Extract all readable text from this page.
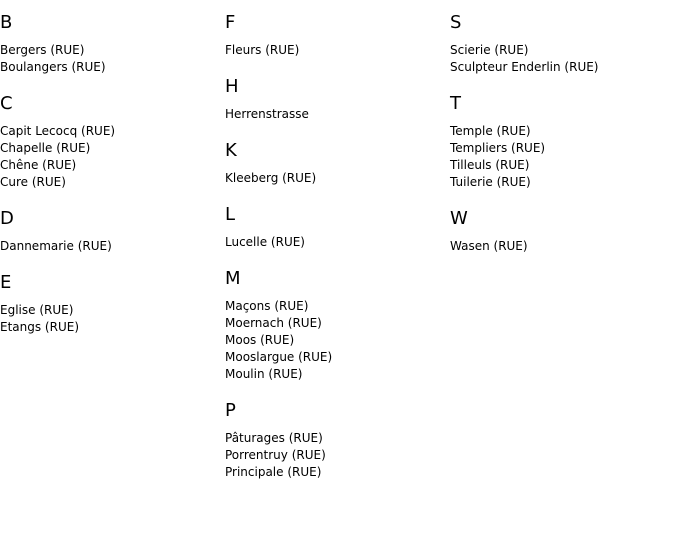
B
Bergers (RUE)
Boulangers (RUE)
C
Capit Lecocq (RUE)
Chapelle (RUE)
Chêne (RUE)
Cure (RUE)
D
Dannemarie (RUE)
E
Eglise (RUE)
Etangs (RUE)
F
Fleurs (RUE)
H
Herrenstrasse
K
Kleeberg (RUE)
L
Lucelle (RUE)
M
Maçons (RUE)
Moernach (RUE)
Moos (RUE)
Mooslargue (RUE)
Moulin (RUE)
P
Pâturages (RUE)
Porrentruy (RUE)
Principale (RUE)
S
Scierie (RUE)
Sculpteur Enderlin (RUE)
T
Temple (RUE)
Templiers (RUE)
Tilleuls (RUE)
Tuilerie (RUE)
W
Wasen (RUE)
